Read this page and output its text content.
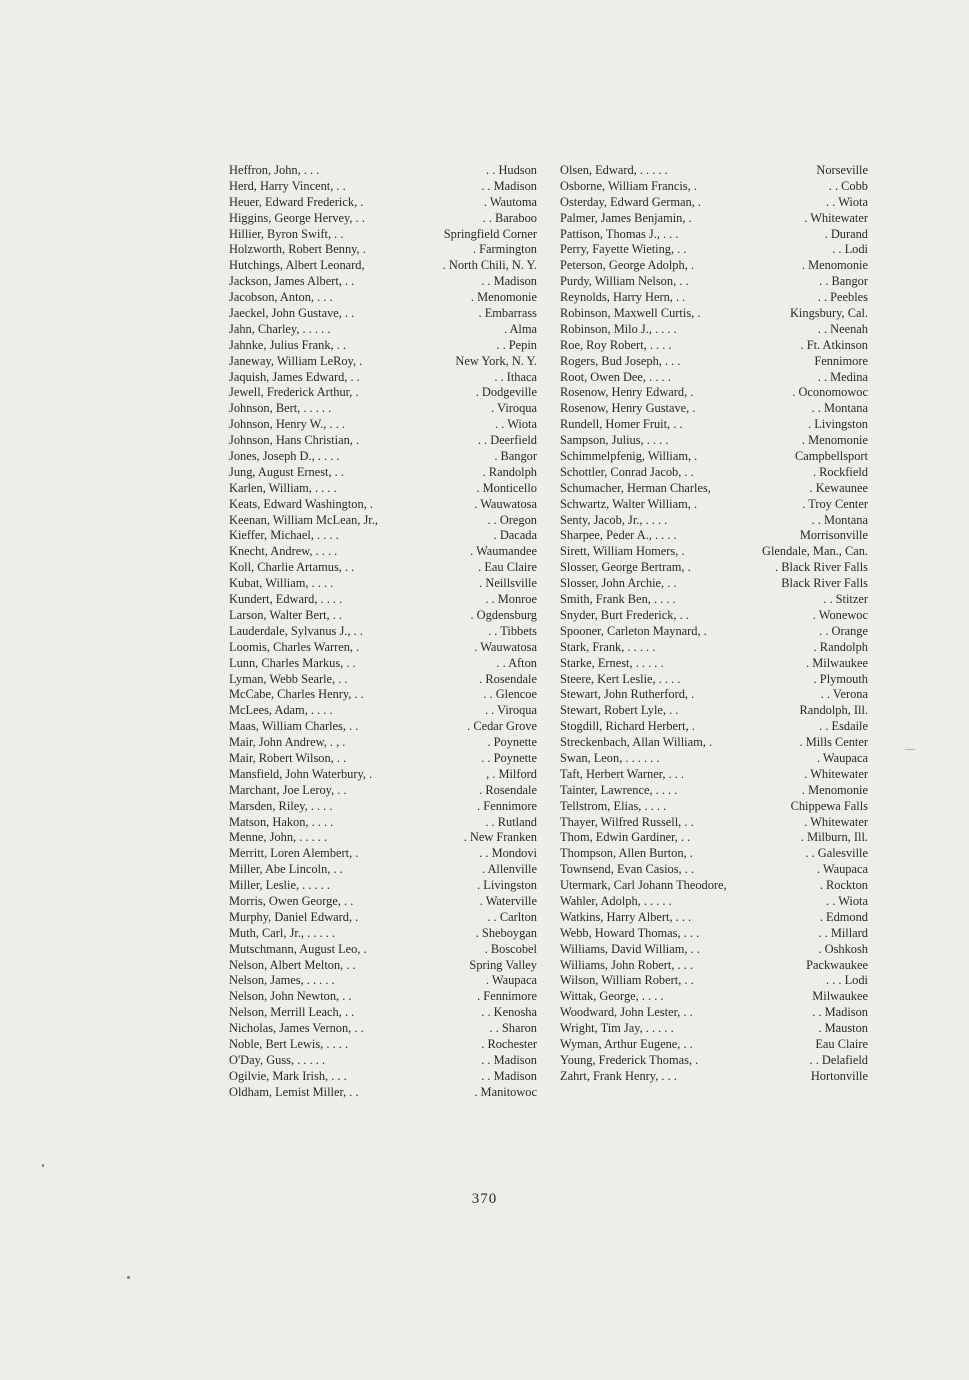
Heffron, John, . . .	. . Hudson
Herd, Harry Vincent, . .	. . Madison
Heuer, Edward Frederick, .	. Wautoma
Higgins, George Hervey, . .	. . Baraboo
Hillier, Byron Swift, . .	Springfield Corner
Holzworth, Robert Benny, .	. Farmington
Hutchings, Albert Leonard,	. North Chili, N. Y.
Jackson, James Albert, . .	. . Madison
Jacobson, Anton, . . .	. Menomonie
Jaeckel, John Gustave, . .	. Embarrass
Jahn, Charley, . . . . .	. Alma
Jahnke, Julius Frank, . .	. . Pepin
Janeway, William LeRoy, .	New York, N. Y.
Jaquish, James Edward, . .	. . Ithaca
Jewell, Frederick Arthur, .	. Dodgeville
Johnson, Bert, . . . . .	. Viroqua
Johnson, Henry W., . . .	. . Wiota
Johnson, Hans Christian, .	. . Deerfield
Jones, Joseph D., . . . .	. Bangor
Jung, August Ernest, . .	. Randolph
Karlen, William, . . . .	. Monticello
Keats, Edward Washington, .	. Wauwatosa
Keenan, William McLean, Jr.,	. . Oregon
Kieffer, Michael, . . . .	. Dacada
Knecht, Andrew, . . . .	. Waumandee
Koll, Charlie Artamus, . .	. Eau Claire
Kubat, William, . . . .	. Neillsville
Kundert, Edward, . . . .	. . Monroe
Larson, Walter Bert, . .	. Ogdensburg
Lauderdale, Sylvanus J., . .	. . Tibbets
Loomis, Charles Warren, .	. Wauwatosa
Lunn, Charles Markus, . .	. . Afton
Lyman, Webb Searle, . .	. Rosendale
McCabe, Charles Henry, . .	. . Glencoe
McLees, Adam, . . . .	. . Viroqua
Maas, William Charles, . .	. Cedar Grove
Mair, John Andrew, . , .	. Poynette
Mair, Robert Wilson, . .	. . Poynette
Mansfield, John Waterbury, .	, . Milford
Marchant, Joe Leroy, . .	. Rosendale
Marsden, Riley, . . . .	. Fennimore
Matson, Hakon, . . . .	. . Rutland
Menne, John, . . . . .	. New Franken
Merritt, Loren Alembert, .	. . Mondovi
Miller, Abe Lincoln, . .	. Allenville
Miller, Leslie, . . . . .	. Livingston
Morris, Owen George, . .	. Waterville
Murphy, Daniel Edward, .	. . Carlton
Muth, Carl, Jr., . . . . .	. Sheboygan
Mutschmann, August Leo, .	. Boscobel
Nelson, Albert Melton, . .	Spring Valley
Nelson, James, . . . . .	. Waupaca
Nelson, John Newton, . .	. Fennimore
Nelson, Merrill Leach, . .	. . Kenosha
Nicholas, James Vernon, . .	. . Sharon
Noble, Bert Lewis, . . . .	. Rochester
O'Day, Guss, . . . . .	. . Madison
Ogilvie, Mark Irish, . . .	. . Madison
Oldham, Lemist Miller, . .	. Manitowoc
Olsen, Edward, . . . . .	Norseville
Osborne, William Francis, .	. . Cobb
Osterday, Edward German, .	. . Wiota
Palmer, James Benjamin, .	. Whitewater
Pattison, Thomas J., . . .	. Durand
Perry, Fayette Wieting, . .	. . Lodi
Peterson, George Adolph, .	. Menomonie
Purdy, William Nelson, . .	. . Bangor
Reynolds, Harry Hern, . .	. . Peebles
Robinson, Maxwell Curtis, .	Kingsbury, Cal.
Robinson, Milo J., . . . .	. . Neenah
Roe, Roy Robert, . . . .	. Ft. Atkinson
Rogers, Bud Joseph, . . .	Fennimore
Root, Owen Dee, . . . .	. . Medina
Rosenow, Henry Edward, .	. Oconomowoc
Rosenow, Henry Gustave, .	. . Montana
Rundell, Homer Fruit, . .	. Livingston
Sampson, Julius, . . . .	. Menomonie
Schimmelpfenig, William, .	Campbellsport
Schottler, Conrad Jacob, . .	. Rockfield
Schumacher, Herman Charles,	. Kewaunee
Schwartz, Walter William, .	. Troy Center
Senty, Jacob, Jr., . . . .	. . Montana
Sharpee, Peder A., . . . .	Morrisonville
Sirett, William Homers, .	Glendale, Man., Can.
Slosser, George Bertram, .	. Black River Falls
Slosser, John Archie, . .	Black River Falls
Smith, Frank Ben, . . . .	. . Stitzer
Snyder, Burt Frederick, . .	. Wonewoc
Spooner, Carleton Maynard, .	. . Orange
Stark, Frank, . . . . .	. Randolph
Starke, Ernest, . . . . .	. Milwaukee
Steere, Kert Leslie, . . . .	. Plymouth
Stewart, John Rutherford, .	. . Verona
Stewart, Robert Lyle, . .	Randolph, Ill.
Stogdill, Richard Herbert, .	. . Esdaile
Streckenbach, Allan William, .	. Mills Center
Swan, Leon, . . . . . .	. Waupaca
Taft, Herbert Warner, . . .	. Whitewater
Tainter, Lawrence, . . . .	. Menomonie
Tellstrom, Elias, . . . .	Chippewa Falls
Thayer, Wilfred Russell, . .	. Whitewater
Thom, Edwin Gardiner, . .	. Milburn, Ill.
Thompson, Allen Burton, .	. . Galesville
Townsend, Evan Casios, . .	. Waupaca
Utermark, Carl Johann Theodore,	. Rockton
Wahler, Adolph, . . . . .	. . Wiota
Watkins, Harry Albert, . . .	. Edmond
Webb, Howard Thomas, . . .	. . Millard
Williams, David William, . .	. Oshkosh
Williams, John Robert, . . .	Packwaukee
Wilson, William Robert, . .	. . . Lodi
Wittak, George, . . . .	Milwaukee
Woodward, John Lester, . .	. . Madison
Wright, Tim Jay, . . . . .	. Mauston
Wyman, Arthur Eugene, . .	Eau Claire
Young, Frederick Thomas, .	. . Delafield
Zahrt, Frank Henry, . . .	Hortonville
370
